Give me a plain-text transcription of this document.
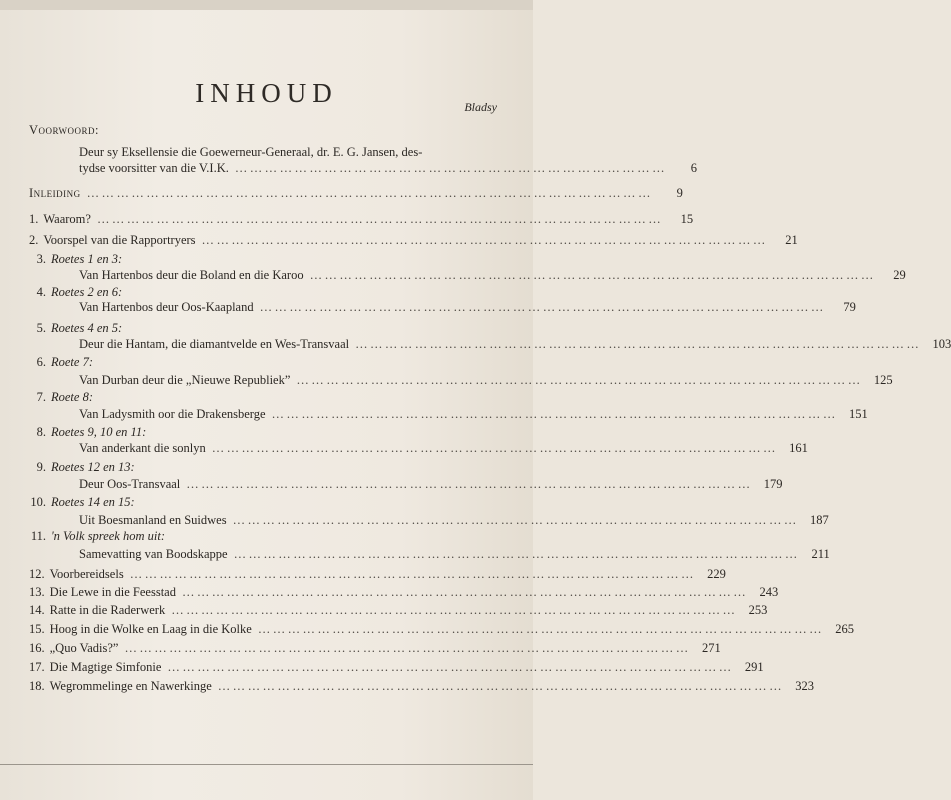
INHOUD	Bladsy
Voorwoord:
Deur sy Eksellensie die Goewerneur-Generaal, dr. E. G. Jansen, des-
tydse voorsitter van die V.I.K. ……………………………………………………………………………	6
Inleiding ……………………………………………………………………………………………………	9
1. Waarom? ……………………………………………………………………………………………………	15
2. Voorspel van die Rapportryers ……………………………………………………………………………………………………	21
3. Roetes 1 en 3:
Van Hartenbos deur die Boland en die Karoo ……………………………………………………………………………………………………	29
4. Roetes 2 en 6:
Van Hartenbos deur Oos-Kaapland ……………………………………………………………………………………………………	79
5. Roetes 4 en 5:
Deur die Hantam, die diamantvelde en Wes-Transvaal …………………………………………………………………………………………………… 103
6. Roete 7:
Van Durban deur die „Nieuwe Republiek” …………………………………………………………………………………………………… 125
7. Roete 8:
Van Ladysmith oor die Drakensberge …………………………………………………………………………………………………… 151
8. Roetes 9, 10 en 11:
Van anderkant die sonlyn …………………………………………………………………………………………………… 161
9. Roetes 12 en 13:
Deur Oos-Transvaal …………………………………………………………………………………………………… 179
10. Roetes 14 en 15:
Uit Boesmanland en Suidwes …………………………………………………………………………………………………… 187
11. 'n Volk spreek hom uit:
Samevatting van Boodskappe …………………………………………………………………………………………………… 211
12. Voorbereidsels …………………………………………………………………………………………………… 229
13. Die Lewe in die Feesstad …………………………………………………………………………………………………… 243
14. Ratte in die Raderwerk …………………………………………………………………………………………………… 253
15. Hoog in die Wolke en Laag in die Kolke …………………………………………………………………………………………………… 265
16. „Quo Vadis?” …………………………………………………………………………………………………… 271
17. Die Magtige Simfonie …………………………………………………………………………………………………… 291
18. Wegrommelinge en Nawerkinge …………………………………………………………………………………………………… 323
